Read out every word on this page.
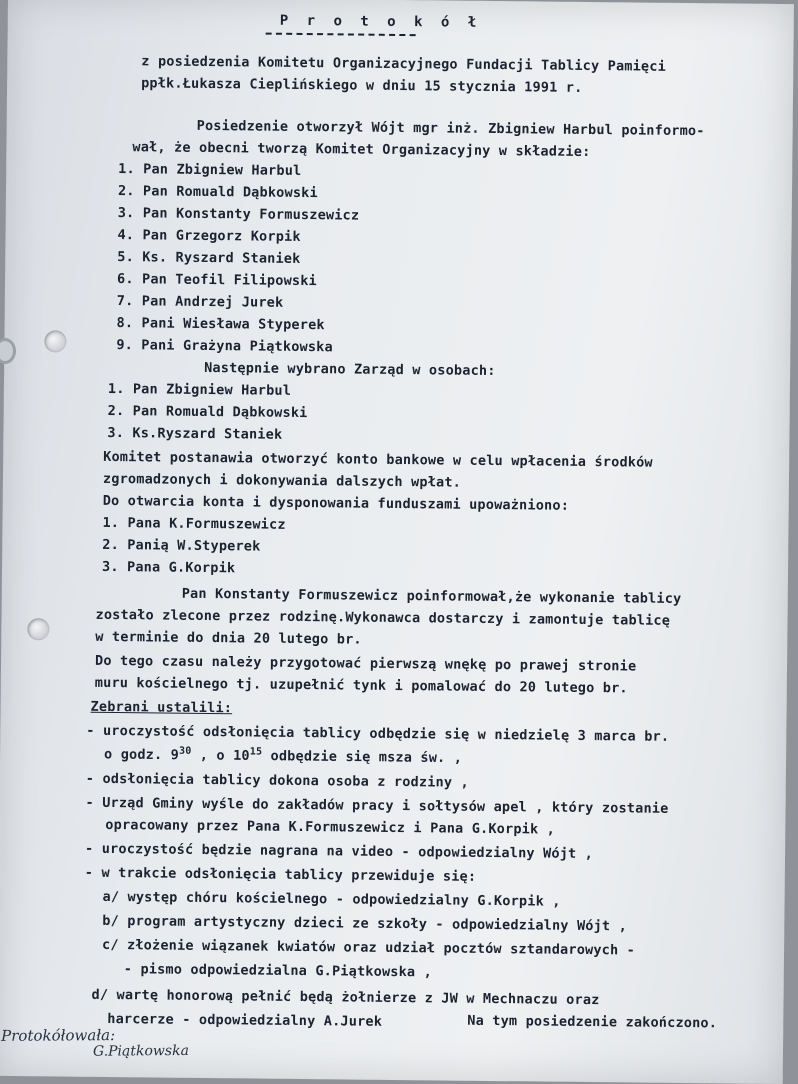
P r o t o k ó ł
z posiedzenia Komitetu Organizacyjnego Fundacji Tablicy Pamięci
ppłk.Łukasza Cieplińskiego w dniu 15 stycznia 1991 r.
Posiedzenie otworzył Wójt mgr inż. Zbigniew Harbul poinformo-
wał, że obecni tworzą Komitet Organizacyjny w składzie:
1. Pan Zbigniew Harbul
2. Pan Romuald Dąbkowski
3. Pan Konstanty Formuszewicz
4. Pan Grzegorz Korpik
5. Ks. Ryszard Staniek
6. Pan Teofil Filipowski
7. Pan Andrzej Jurek
8. Pani Wiesława Styperek
9. Pani Grażyna Piątkowska
Następnie wybrano Zarząd w osobach:
1. Pan Zbigniew Harbul
2. Pan Romuald Dąbkowski
3. Ks.Ryszard Staniek
Komitet postanawia otworzyć konto bankowe w celu wpłacenia środków
zgromadzonych i dokonywania dalszych wpłat.
Do otwarcia konta i dysponowania funduszami upoważniono:
1. Pana K.Formuszewicz
2. Panią W.Styperek
3. Pana G.Korpik
Pan Konstanty Formuszewicz poinformował,że wykonanie tablicy
zostało zlecone przez rodzinę.Wykonawca dostarczy i zamontuje tablicę
w terminie do dnia 20 lutego br.
Do tego czasu należy przygotować pierwszą wnękę po prawej stronie
muru kościelnego tj. uzupełnić tynk i pomalować do 20 lutego br.
Zebrani ustalili:
- uroczystość odsłonięcia tablicy odbędzie się w niedzielę 3 marca br.
o godz. $9^{30}$ , o $10^{15}$ odbędzie się msza św. ,
- odsłonięcia tablicy dokona osoba z rodziny ,
- Urząd Gminy wyśle do zakładów pracy i sołtysów apel , który zostanie
opracowany przez Pana K.Formuszewicz i Pana G.Korpik ,
- uroczystość będzie nagrana na video - odpowiedzialny Wójt ,
- w trakcie odsłonięcia tablicy przewiduje się:
a/ występ chóru kościelnego - odpowiedzialny G.Korpik ,
b/ program artystyczny dzieci ze szkoły - odpowiedzialny Wójt ,
c/ złożenie wiązanek kwiatów oraz udział pocztów sztandarowych -
- pismo odpowiedzialna G.Piątkowska ,
d/ wartę honorową pełnić będą żołnierze z JW w Mechnaczu oraz
harcerze - odpowiedzialny A.Jurek	Na tym posiedzenie zakończono.
Protokółowała:
G.Piątkowska
